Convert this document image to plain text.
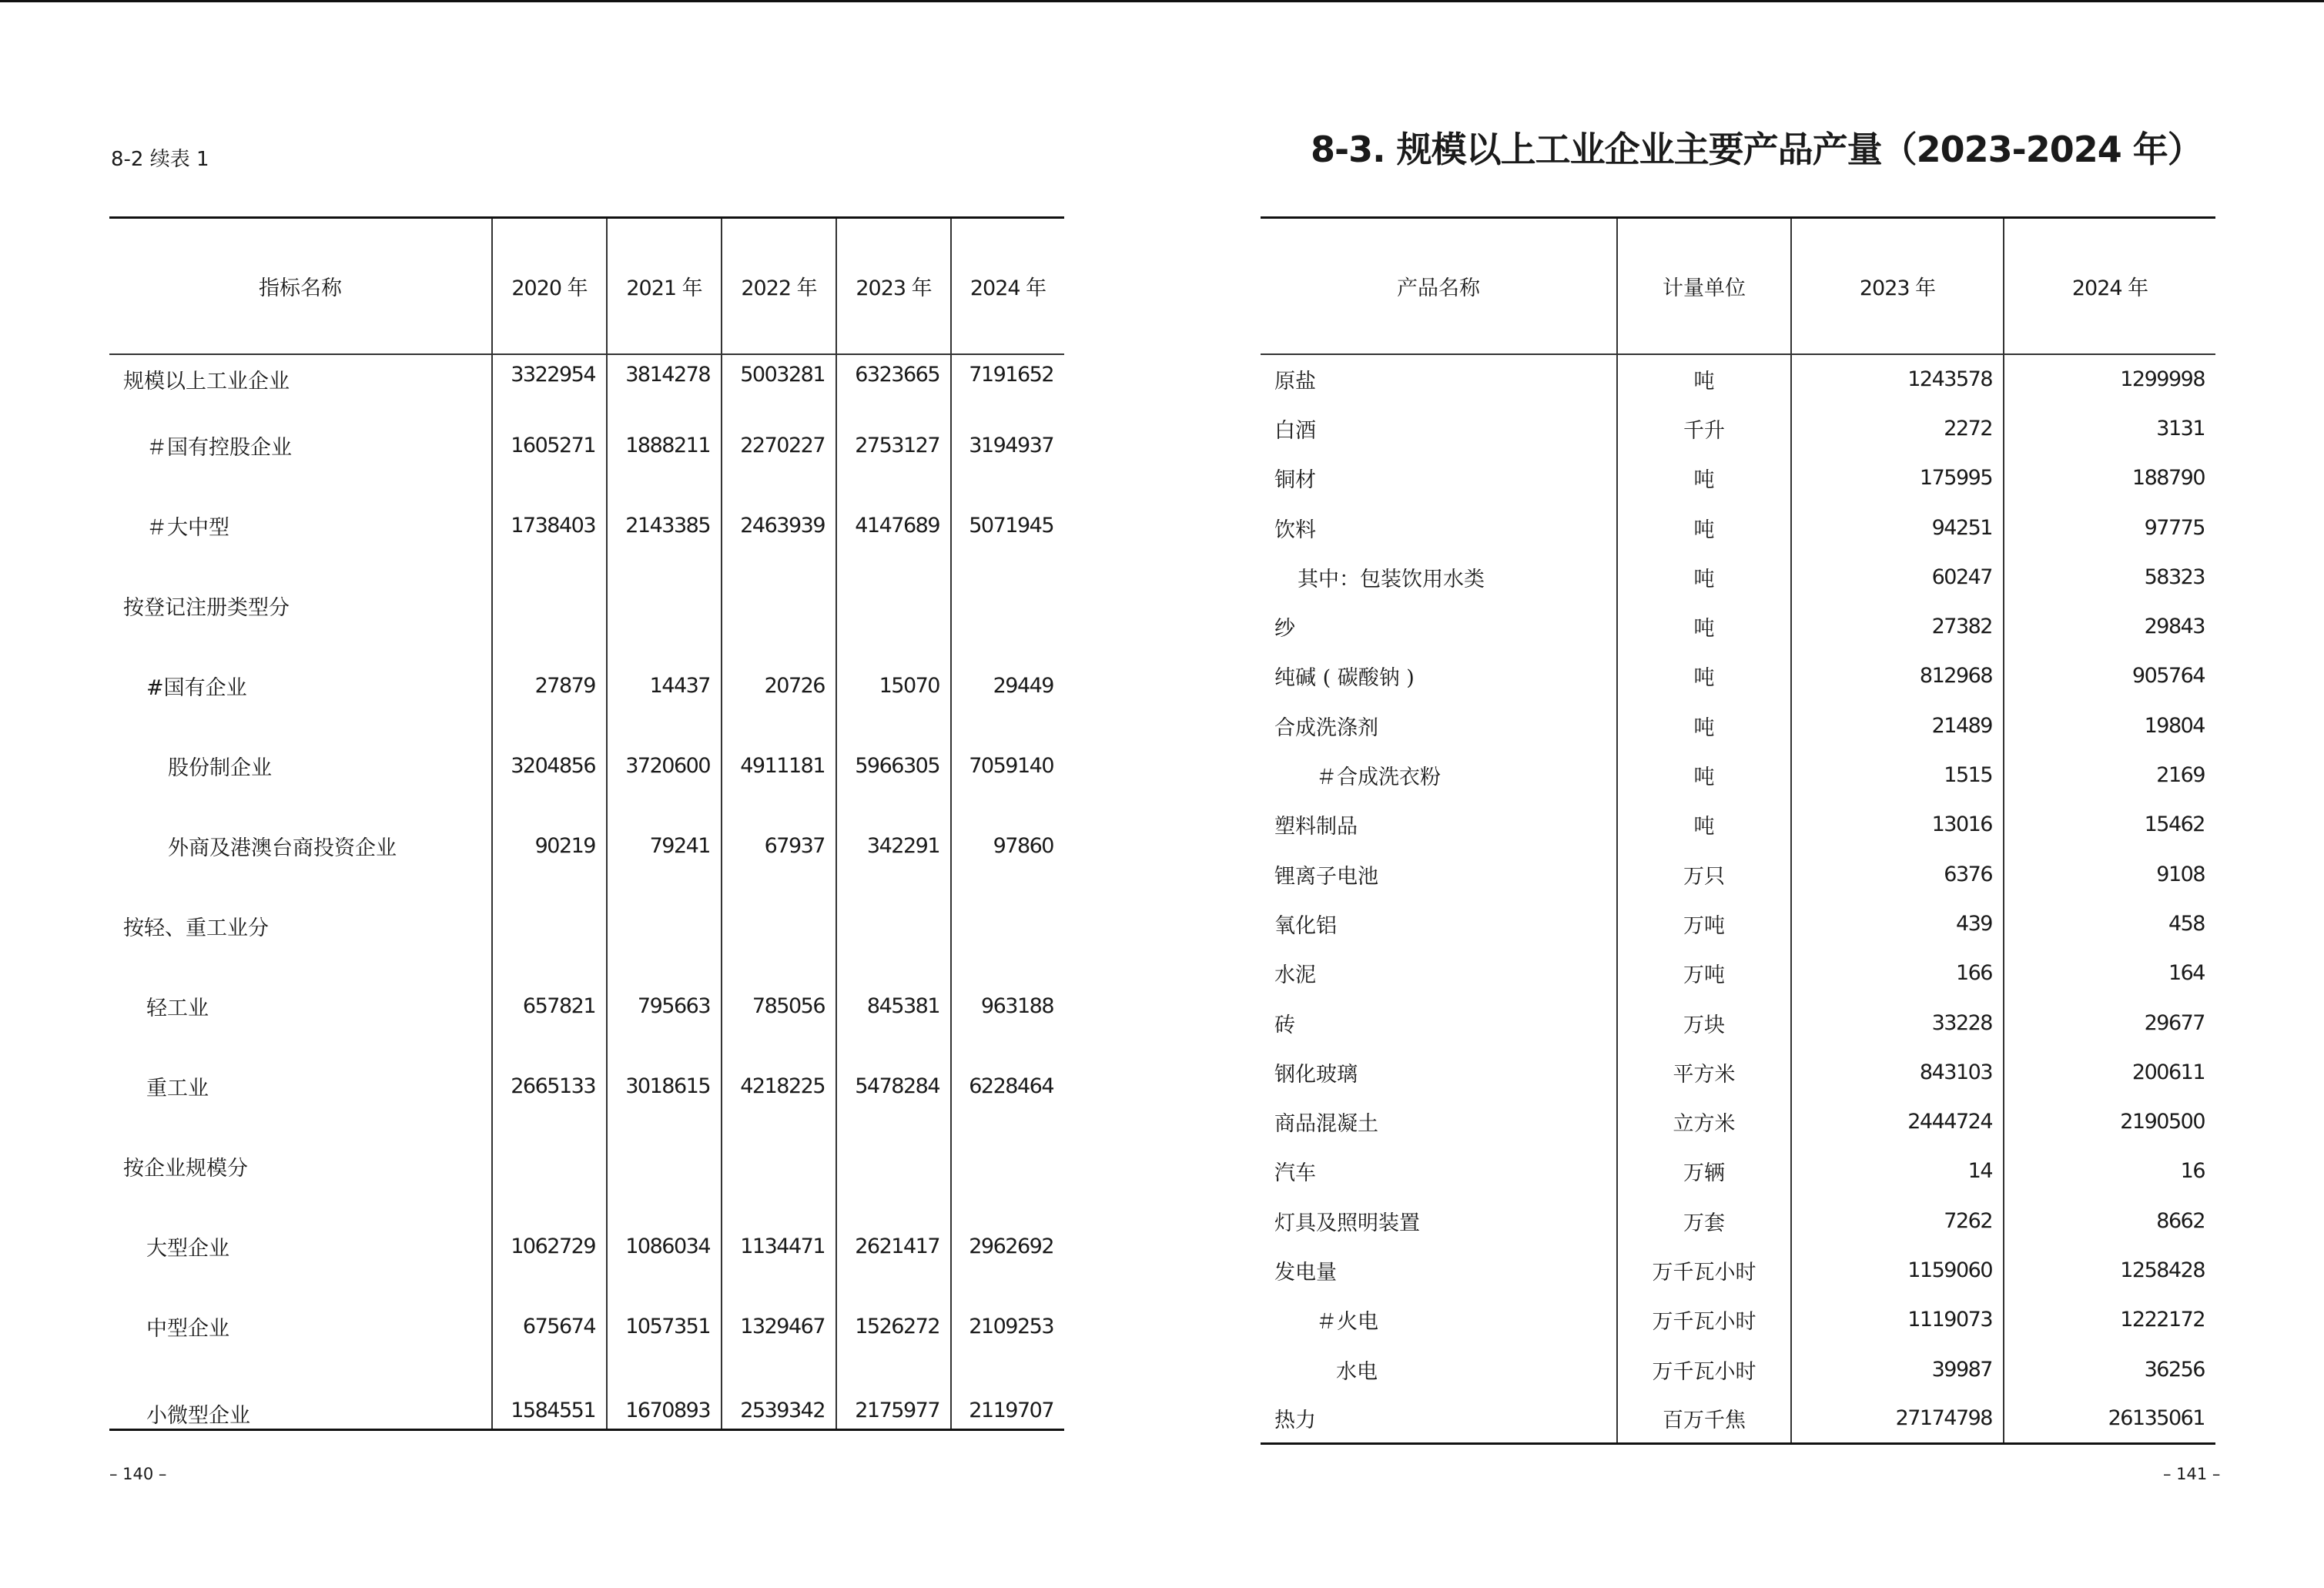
8-2 续表 1
指标名称	2020 年	2021 年	2022 年	2023 年	2024 年
规模以上工业企业	3322954	3814278	5003281	6323665	7191652
＃国有控股企业	1605271	1888211	2270227	2753127	3194937
＃大中型	1738403	2143385	2463939	4147689	5071945
按登记注册类型分					
#国有企业	27879	14437	20726	15070	29449
股份制企业	3204856	3720600	4911181	5966305	7059140
外商及港澳台商投资企业	90219	79241	67937	342291	97860
按轻、重工业分					
轻工业	657821	795663	785056	845381	963188
重工业	2665133	3018615	4218225	5478284	6228464
按企业规模分					
大型企业	1062729	1086034	1134471	2621417	2962692
中型企业	675674	1057351	1329467	1526272	2109253
小微型企业	1584551	1670893	2539342	2175977	2119707
– 140 –
8-3. 规模以上工业企业主要产品产量（2023-2024 年）
产品名称	计量单位	2023 年	2024 年
原盐	吨	1243578	1299998
白酒	千升	2272	3131
铜材	吨	175995	188790
饮料	吨	94251	97775
其中：包装饮用水类	吨	60247	58323
纱	吨	27382	29843
纯碱 ( 碳酸钠 )	吨	812968	905764
合成洗涤剂	吨	21489	19804
＃合成洗衣粉	吨	1515	2169
塑料制品	吨	13016	15462
锂离子电池	万只	6376	9108
氧化铝	万吨	439	458
水泥	万吨	166	164
砖	万块	33228	29677
钢化玻璃	平方米	843103	200611
商品混凝土	立方米	2444724	2190500
汽车	万辆	14	16
灯具及照明装置	万套	7262	8662
发电量	万千瓦小时	1159060	1258428
＃火电	万千瓦小时	1119073	1222172
水电	万千瓦小时	39987	36256
热力	百万千焦	27174798	26135061
– 141 –
